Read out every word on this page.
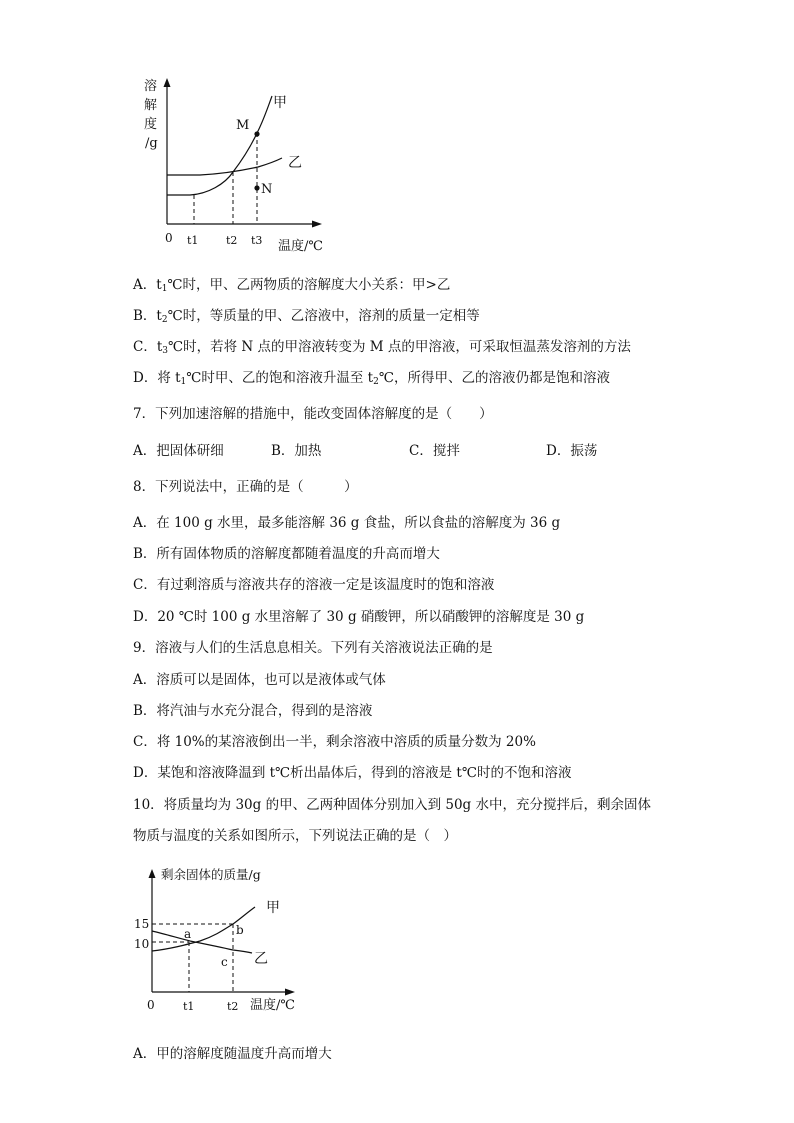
溶
解
度
/g
M
N
甲
乙
0 t1	t2 t3 温度/℃
A．$t_1℃$时，甲、乙两物质的溶解度大小关系：甲>乙
B．$t_2℃$时，等质量的甲、乙溶液中，溶剂的质量一定相等
C．$t_3℃$时，若将 N 点的甲溶液转变为 M 点的甲溶液，可采取恒温蒸发溶剂的方法
D．将 $t_1℃$时甲、乙的饱和溶液升温至 $t_2℃$，所得甲、乙的溶液仍都是饱和溶液
7．下列加速溶解的措施中，能改变固体溶解度的是（　　）
A．把固体研细	B．加热	C．搅拌	D．振荡
8．下列说法中，正确的是（　　　）
A．在 100 g 水里，最多能溶解 36 g 食盐，所以食盐的溶解度为 36 g
B．所有固体物质的溶解度都随着温度的升高而增大
C．有过剩溶质与溶液共存的溶液一定是该温度时的饱和溶液
D．20 ℃时 100 g 水里溶解了 30 g 硝酸钾，所以硝酸钾的溶解度是 30 g
9．溶液与人们的生活息息相关。下列有关溶液说法正确的是
A．溶质可以是固体，也可以是液体或气体
B．将汽油与水充分混合，得到的是溶液
C．将 10%的某溶液倒出一半，剩余溶液中溶质的质量分数为 20%
D．某饱和溶液降温到 t℃析出晶体后，得到的溶液是 t℃时的不饱和溶液
10．将质量均为 30g 的甲、乙两种固体分别加入到 50g 水中，充分搅拌后，剩余固体
物质与温度的关系如图所示，下列说法正确的是（　）
剩余固体的质量/g
15
10
a	b
c
甲
乙
0	t1	t2 温度/℃
A．甲的溶解度随温度升高而增大
